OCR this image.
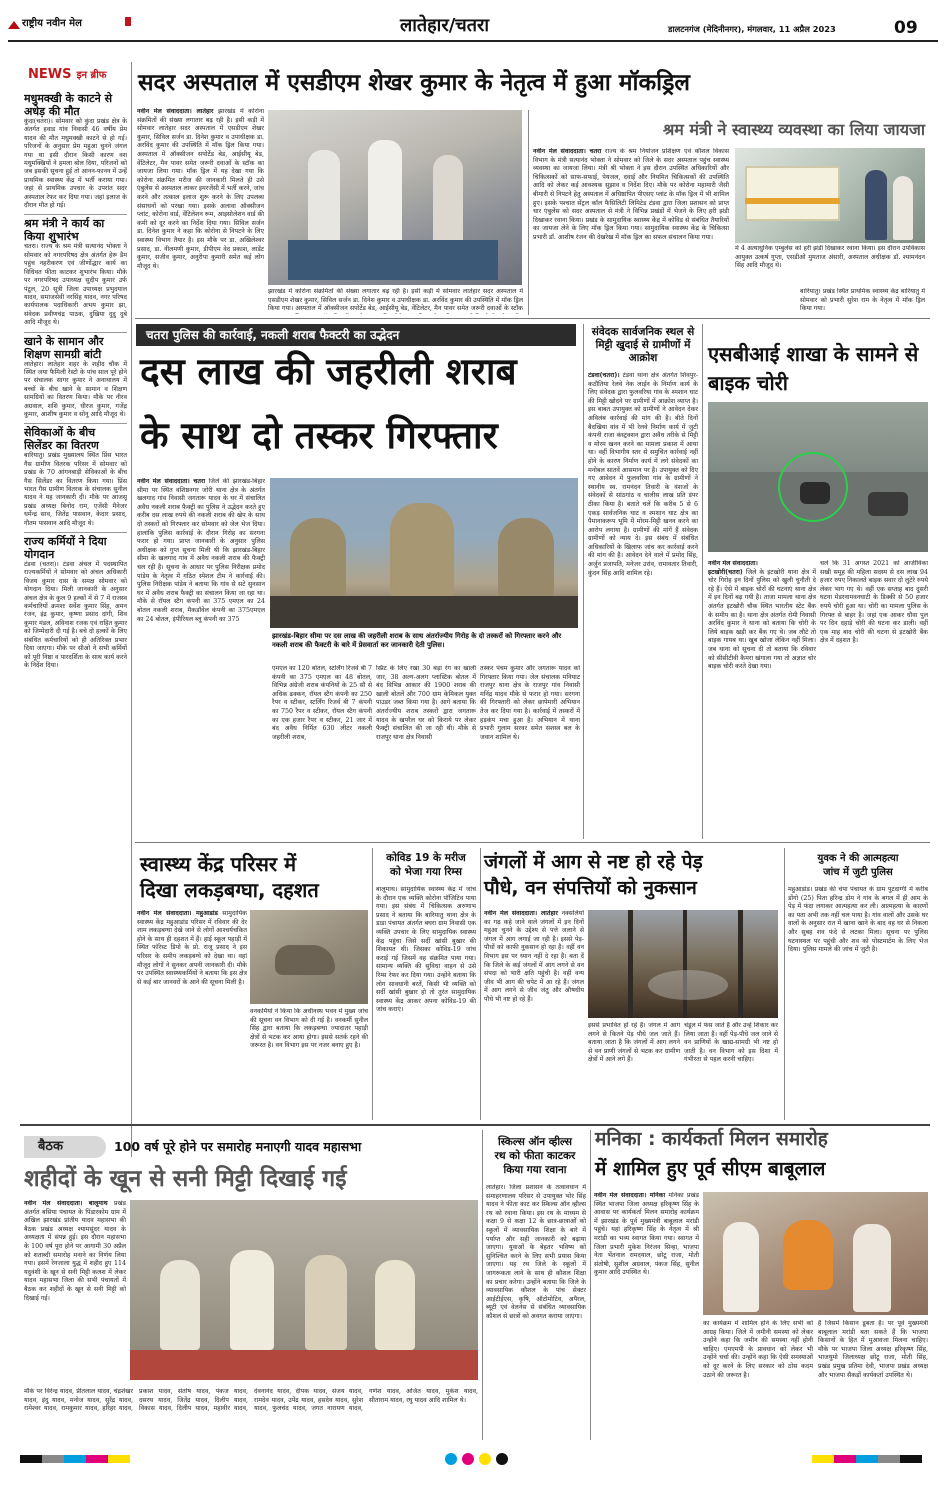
राष्ट्रीय नवीन मेल	लातेहार/चतरा	डालटनगंज (मेदिनीनगर), मंगलवार, 11 अप्रैल 2023	09
NEWS इन ब्रीफ
मधुमक्खी के काटने से अधेड़ की मौत
कुंदा(चतरा)। सोमवार को कुंदा प्रखंड क्षेत्र के अंतर्गत हवाड गांव निवासी 46 वर्षीय प्रेम यादव की मौत मधुमक्खी काटने से हो गई। परिजनों के अनुसार प्रेम महुआ चुनने जंगल गया था इसी दौरान किसी कारण वश मधुमक्खियों ने हमला बोल दिया, परिजनों को जब इसकी सूचना हुई तो आनन-फानन में उन्हें प्राथमिक स्वास्थ्य केंद्र में भर्ती कराया गया। जहां से प्राथमिक उपचार के उपरांत सदर अस्पताल रेफर कर दिया गया। जहां इलाज के दौरान मौत हो गई।
श्रम मंत्री ने कार्य का किया शुभारंभ
चतरा। राज्य के श्रम मंत्री सत्यानंद भोक्ता ने सोमवार को नगरपरिषद क्षेत्र अंतर्गत हेरू डैम पहुंच नहरीकरण एवं जीर्णोद्धार कार्य का विधिवत फीता काटकर शुभारंभ किया। मौके पर नगरपरिषद उपाध्यक्ष सुदीप कुमार उर्फ पंटूल, 20 सूत्री जिला उपाध्यक्ष प्रभुदयाल यादव, समाजसेवी नरसिंह यादव, नगर परिषद कार्यपालक पदाधिकारी अभय कुमार झा, संवेदक प्रवीणचंद्र पाठक, दुखिया दुदु दुबे आदि मौजूद थे।
खाने के सामान और शिक्षण सामग्री बांटी
लातेहार। लातेहार शहर के शहीद चौक में स्थित जया फैमिली रेस्टो के पांच साल पूरे होने पर संचालक सागर कुमार ने अनाथालय में बच्चों के बीच खाने के सामान व शिक्षण सामग्रियों का वितरण किया। मौके पर नीरव अग्रवाल, शशि कुमार, धीरज कुमार, गजेंद्र कुमार, आशीष कुमार व सोनू आदि मौजूद थे।
सेविकाओं के बीच सिलेंडर का वितरण
बारियातु। प्रखंड मुख्यालय स्थित प्रिंस भारत गैस ग्रामीण वितरक परिसर में सोमवार को प्रखंड के 70 आंगनबाड़ी सेविकाओं के बीच गैस सिलेंडर का वितरण किया गया। प्रिंस भारत गैस ग्रामीण वितरक के संचालक सुनील यादव ने यह जानकारी दी। मौके पर आजसू प्रखंड अध्यक्ष बिनोद राम, एजेंसी मैनेजर धर्मेन्द्र साव, जितेंद्र पासवान, केदार प्रसाद, गौतम पासवान आदि मौजूद थे।
राज्य कर्मियों ने दिया योगदान
टंडवा (चतरा)। टंडवा अंचल में पदस्थापित राज्यकर्मियों ने सोमवार को अंचल अधिकारी विजय कुमार दास के समक्ष सोमवार को योगदान दिया। मिली जानकारी के अनुसार अंचल क्षेत्र के कुल 9 हल्कों में से 7 में राजस्व कर्मचारियों क्रमशः सर्वेश कुमार सिंह, अमन रंजन, इंद्र कुमार, कृष्णा प्रसाद दांगी, शिव कुमार मंडल, अविनाश रजक एवं राहित कुमार को जिम्मेदारी दी गई है। बचे दो हल्कों के लिए संबंधित कर्मचारियों को ही अतिरिक्त प्रभार दिया जाएगा। मौके पर सीओ ने सभी कर्मियों को पूरी निष्ठा व पारदर्शिता के साथ कार्य करने के निर्देश दिया।
सदर अस्पताल में एसडीएम शेखर कुमार के नेतृत्व में हुआ मॉकड्रिल
नवीन मेल संवाददाता। लातेहार झारखंड में कोरोना संक्रमितों की संख्या लगातार बढ़ रही है। इसी कड़ी में सोमवार लातेहार सदर अस्पताल में एसडीएम शेखर कुमार, सिविल सर्जन डा. दिनेश कुमार व उपाधीक्षक डा. अरविंद कुमार की उपस्थिति में मॉक ड्रिल किया गया। अस्पताल में ऑक्सीजन सपोर्टेड बेड, आईसीयू बेड, वेंटिलेटर, मैन पावर समेत जरूरी दवाओं के स्टॉक का जायजा लिया गया। मॉक ड्रिल में यह देखा गया कि कोरोना संक्रमित मरीज की जानकारी मिलते ही उसे एंबुलेंस से अस्पताल लाकर इमरजेंसी में भर्ती करने, जांच करने और तत्काल इलाज शुरू करने के लिए उपलब्ध संसाधनों को परखा गया। इसके अलावा ऑक्सीजन प्लांट, कोरोना वार्ड, वेंटिलेशन रूम, आइसोलेशन वार्ड की कमी को दूर करने का निर्देश दिया गया। सिविल सर्जन डा. दिनेश कुमार ने कहा कि कोरोना से निपटने के लिए स्वास्थ्य विभाग तैयार है। इस मौके पर डा. अखिलेश्वर प्रसाद, डा. नीलमणी कुमार, डीपीएम वेद प्रकाश, लाडेंट कुमार, सजीव कुमार, अनुरीपा कुमारी समेत कई लोग मौजूद थे।
झारखंड में कोरोना संक्रमितों की संख्या लगातार बढ़ रही है। इसी कड़ी में सोमवार लातेहार सदर अस्पताल में एसडीएम शेखर कुमार, सिविल सर्जन डा. दिनेश कुमार व उपाधीक्षक डा. अरविंद कुमार की उपस्थिति में मॉक ड्रिल किया गया। अस्पताल में ऑक्सीजन सपोर्टेड बेड, आईसीयू बेड, वेंटिलेटर, मैन पावर समेत जरूरी दवाओं के स्टॉक
श्रम मंत्री ने स्वास्थ्य व्यवस्था का लिया जायजा
नवीन मेल संवाददाता। चतरा राज्य के श्रम नियोजन प्रशिक्षण एवं कौशल विकास विभाग के मंत्री सत्यानंद भोक्ता ने सोमवार को जिले के सदर अस्पताल पहुंच स्वास्थ्य व्यवस्था का जायजा लिया। मंत्री श्री भोक्ता ने इस दौरान उपस्थित अधिकारियों और चिकित्सकों को साफ-सफाई, पेयजल, दवाई और नियमित चिकित्सकों की उपस्थिति आदि को लेकर कई आवश्यक सुझाव व निर्देश दिए। मौके पर कोरोना महामारी जैसी बीमारी से निपटने हेतु अस्पताल में अधिष्ठापित पीएसए प्लांट के मॉक ड्रिल में भी शामिल हुए। इसके पश्चात सेंट्रल कॉल फैसिलिटी लिमिटेड टंडवा द्वारा जिला प्रशासन को प्राप्त चार एंबुलेंस को सदर अस्पताल से मंत्री ने विभिन्न प्रखंडों में भेजने के लिए हरी झंडी दिखाकर रवाना किया। प्रखंड के सामुदायिक स्वास्थ्य केंद्र में कोविड से संबंधित तैयारियों का जायजा लेने के लिए मॉक ड्रिल किया गया। सामुदायिक स्वास्थ्य केंद्र के चिकित्सा प्रभारी डॉ. आशीष रंजन की देखरेख में मॉक ड्रिल का सफल संचालन किया गया।
में 4 अत्याधुनिक एम्बुलेंस को हरी झंडी दिखाकर रवाना किया। इस दौरान उपविकास आयुक्त उत्कर्ष गुप्ता, एसडीओ मुमताज अंसारी, अस्पताल अधीक्षक डॉ. श्यामनंदन सिंह आदि मौजूद थे।
बारियातु। प्रखंड स्थित प्राथमिक स्वास्थ्य केंद्र बारियातु में सोमवार को प्रभारी सुरेश राम के नेतृत्व में मॉक ड्रिल किया गया।
चतरा पुलिस की कार्रवाई, नकली शराब फैक्टरी का उद्भेदन
दस लाख की जहरीली शराब
के साथ दो तस्कर गिरफ्तार
नवीन मेल संवाददाता। चतरा जिले की झारखंड-बिहार सीमा पर स्थित वशिष्ठनगर जोरी थाना क्षेत्र के अंतर्गत खलगाद गांव निवासी जगतारू यादव के घर में संचालित अवैध नकली शराब फैक्ट्री का पुलिस ने उद्भेदन करते हुए करीब दस लाख रुपये की नकली शराब की खेप के साथ दो तस्करों को गिरफ्तार कर सोमवार को जेल भेज दिया। हालांकि पुलिस कार्रवाई के दौरान गिरोह का सरगना फरार हो गया। प्राप्त जानकारी के अनुसार पुलिस अधीक्षक को गुप्त सूचना मिली थी कि झारखंड-बिहार सीमा के खलगाद गांव में अवैध नकली शराब की फैक्ट्री चल रही है। सूचना के आधार पर पुलिस निरीक्षक प्रमोद पांडेय के नेतृत्व में गठित स्पेशल टीम ने कार्रवाई की। पुलिस निरीक्षक पांडेय ने बताया कि गांव से सटे सुनसान घर में अवैध शराब फैक्ट्री का संचालन किया जा रहा था। मौके से रॉयल स्टैग कंपनी का 375 एमएल का 24 बोतल नकली शराब, मैकडॉवेल कंपनी का 375एमएल का 24 बोतल, इंपीरियल ब्लू कंपनी का 375
झारखंड-बिहार सीमा पर दस लाख की जहरीली शराब के साथ अंतर्राज्यीय गिरोह के दो तस्करों को गिरफ्तार करने और नकली शराब की फैक्टरी के बारे में प्रेसवार्ता कर जानकारी देती पुलिस।
एमएल का 120 बोतल, स्टर्लिंग रिजर्व बी 7 कंपनी का 375 एमएल का 48 बोतल, विभिन्न अंग्रेजी शराब कंपनियों के 25 सौ से अधिक ढक्कन, रॉयल स्टैग कंपनी का 250 रैपर व स्टीकर, स्टर्लिंग रिजर्व बी 7 कंपनी का 750 रैपर व स्टीकर, रॉयल स्टैग कंपनी का एक हजार रैपर व स्टीकर, 21 जार में बंद अवैध निर्मित 630 लीटर नकली जहरीली शराब,
स्प्रिट के लिए रखा 30 बड़ा रंग का खाली जार, 38 अल्ग-अलग प्लास्टिक बोतल में बंद विभिन्न आकार की 1900 शराब की खाली बोतलें और 700 ग्राम केमिकल युक्त पाउडर जब्त किया गया है। आगे बताया कि अंतर्राज्यीय शराब तस्करों द्वारा जगतारू यादव के खपरैल घर को किराये पर लेकर फैक्ट्री संचालित की जा रही थी। मौके से राजपुर थाना क्षेत्र निवासी
तस्कर पंचम कुमार और जगतारू यादव को गिरफ्तार किया गया। जेल संचालक मनियाट राजपुर थाना क्षेत्र के राजपुर गांव निवासी मनिंद्र यादव मौके से फरार हो गया। सरगना की गिरफ्तारी को लेकर छापेमारी अभियान तेज कर दिया गया है। कार्रवाई में तस्करों में हड़कंप मचा हुआ है। अभियान में थाना प्रभारी गुलाम सरवर समेत सशस्त्र बल के जवान शामिल थे।
संवेदक सार्वजनिक स्थल से मिट्टी खुदाई से ग्रामीणों में आक्रोश
टंडवा(चतरा)। टंडवा थाना क्षेत्र अंतर्गत शिवपुर-कठौतिया रेलवे नेक लाईन के निर्माण कार्य के लिए संवेदक द्वारा फुलवरिया गांव के श्मशान घाट की मिट्टी खोदने पर ग्रामीणों में आक्रोश व्याप्त है। इस बाबत उपायुक्त को ग्रामीणों ने आवेदन देकर अविलंब कार्रवाई की मांग की है। बीते दिनों बैदखिया वांव में भी रेलवे निर्माण कार्य में जुटी कंपनी राजा कंस्ट्रक्शन द्वारा अवैध तरीके से मिट्टी व मोरम खनन करने का मामला प्रकाश में आया था। वहीं विभागीय स्तर से समुचित कार्रवाई नहीं होने के कारण निर्माण कार्य में लगे संवेदकों का मनोबल सातवें आसमान पर है। उपायुक्त को दिए गए आवेदन में फुलवरिया गांव के ग्रामीणों ने स्थानीय स्व. रामनंदन तिवारी के वंशजों के संवेदकों से सांठगांठ व चालीस लाख प्रति डंपर ठीका किया है। बताते चलें कि करीब 5 से 6 एकड़ सार्वजनिक घाट व श्मशान घाट क्षेत्र का पैमानाकरूप भूमि में मोरम-मिट्टी खनन करने का आरोप लगाया है। ग्रामीणों की मांगें हैं संवेदक ग्रामीणों को न्याय दे। इस संबंध में संबंधित अधिकारियों के खिलाफ जांच कर कार्रवाई करने की मांग की है। आवेदन देने वाले में प्रमोद सिंह, अर्जुन प्रजापति, मनेजर उरांव, रामावतार तिवारी, कुंदन सिंह आदि शामिल रहे।
एसबीआई शाखा के सामने से बाइक चोरी
नवीन मेल संवाददाता।
इटखोरी(चतरा) जिले के इटखोरी थाना क्षेत्र में चोर गिरोह इन दिनों पुलिस को खुली चुनौती दे रहे हैं। ऐसे में बाइक चोरों की घटनाएं थाना क्षेत्र में इन दिनों बढ़ गयी है। ताजा मामला थाना क्षेत्र अंतर्गत इटखोरी चौक स्थित भारतीय स्टेट बैंक के समीप का है। थाना क्षेत्र अंतर्गत रोमी निवासी अरविंद कुमार ने थाना को बताया कि चोरी के लिये बाइक खड़ी कर बैंक गए थे। जब लौटे तो बाइक गायब था। खुब खोजा लेकिन नहीं मिला। जब थाना को सूचना दी तो बताया कि रविवार को सीसीटीवी कैमरा खंगाला गया तो अज्ञात चोर बाइक चोरी करते देखा गया।
चलें कि 31 अगस्त 2021 को आजीविका सखी समूह की महिला सदस्य से दस लाख 94 हजार रुपए निकालते बाइक सवार दो लुटेरे रुपये लेकर भाग गए थे। वहीं एक सप्ताह बाद दुसरी घटना मेडरनामवनघाटी के डिक्की से 50 हजार रुपये चोरी हुआ था। चोरी का मामला पुलिस के गिरफ्त से बाहर है। जहां एक आकर धौवा पुल पर दिन दहाड़े चोरी की घटना कर डाली। वहीं एक माह बाद चोरी की घटना से इटखोरी बैंक क्षेत्र में दहशत है।
स्वास्थ्य केंद्र परिसर में
दिखा लकड़बग्घा, दहशत
नवीन मेल संवाददाता। महुआडांड सामुदायिक स्वास्थ्य केंद्र महुआडांड परिसर में रविवार की देर शाम लकड़बग्घा देखे जाने से लोगों आश्चर्यचकित होने के साथ ही दहशत में हैं। हाई स्कूल पहाड़ी में स्थित फॉरेस्ट डिपो के प्रो. राजू प्रसाद ने इस परिसर के समीप लकड़बग्घे को देखा था। वहां मौजूद लोगों ने सुनकर अपनी जानकारी दी। मौके पर उपस्थित स्वास्थ्यकर्मियों ने बताया कि इस क्षेत्र से कई बार जानवरों के आने की सूचना मिली है।
वनकर्मियों ने किया कि अधीनस्थ भवन में मुख्य जांच की सूचना वन विभाग को दी गई है। वनकर्मी सुनील सिंह द्वारा बताया कि लकड़बग्घा ज्यादातर पहाड़ी क्षेत्रों से भटक कर आया होगा। इससे सतर्क रहने की जरूरत है। वन विभाग इस पर नजर बनाए हुए है।
कोविड 19 के मरीज
को भेजा गया रिम्स
बालूमाथ। सामुदायिक स्वास्थ्य केंद्र में जांच के दौरान एक व्यक्ति कोरोना पॉजिटिव पाया गया। इस संबंध में चिकित्सक अरुणाभ प्रसाद ने बताया कि बारियातु थाना क्षेत्र के डाडा पंचायत अंतर्गत बघरा ग्राम निवासी एक व्यक्ति उपचार के लिए सामुदायिक स्वास्थ्य केंद्र पहुंचा जिसे सर्दी खांसी बुखार की शिकायत थी। जिसका कोविड-19 जांच कराई गई जिसमें वह संक्रमित पाया गया। सामान्य व्यक्ति की सुविधा वाहन से उसे रिम्स रेफर कर दिया गया। उन्होंने बताया कि लोग सावधानी बरतें, किसी भी व्यक्ति को सर्दी खांसी बुखार हो तो तुरंत सामुदायिक स्वास्थ्य केंद्र आकर अपना कोविड-19 की जांच कराएं।
जंगलों में आग से नष्ट हो रहे पेड़
पौधे, वन संपत्तियों को नुकसान
नवीन मेल संवाददाता। लातेहार नक्सलियों का गढ़ कहे जाने वाले जंगलों में इन दिनों महुआ चुनने के उद्देश्य से पत्ते जलाने से जंगल में आग लगाई जा रही है। इससे पेड़-पौधों को काफी नुकसान हो रहा है। वहीं वन विभाग इस पर ध्यान नहीं दे रहा है। बता दें कि जिले के कई जंगलों में आग लगने से वन संपदा को भारी क्षति पहुंची है। वहीं वन्य जीव भी आग की चपेट में आ रहे हैं। जंगल में आग लगने से जीव जंतु और औषधीय पौधे भी नष्ट हो रहे हैं।
इससे प्रभावित हो रहे हैं। जंगल में आग लगने से कितने पेड़ पौधे जल जाते हैं। बताया जाता है कि जंगलों में आग लगने से वन प्राणी जंगलों से भटक कर ग्रामीण क्षेत्रों में आने लगे हैं।
चंडूल में फंस जाते हैं और उन्हें शिकार कर लिया जाता है। वहीं पेड़-पौधे जल जाने से वन प्राणियों के खाद्य-सामग्री भी नष्ट हो जाती है। वन विभाग को इस दिशा में गंभीरता से पहल करनी चाहिए।
युवक ने की आत्महत्या
जांच में जुटी पुलिस
महुआडांड। प्रखंड की चंपा पंचायत के ग्राम पुटदाग्गी में करीब डोंगो (25) पिता हरिन्द्र डोम ने गांव के बगल में ही आम के पेड़ में फंदा लगाकर आत्महत्या कर ली। आत्महत्या के कारणों का पता अभी तक नहीं चल पाया है। गांव वालों और उसके घर वालों के अनुसार रात में खाना खाने के बाद वह घर से निकला और सुबह शव फंदे से लटका मिला। सूचना पर पुलिस घटनास्थल पर पहुंची और शव को पोस्टमार्टम के लिए भेज दिया। पुलिस मामले की जांच में जुटी है।
बैठक	100 वर्ष पूरे होने पर समारोह मनाएगी यादव महासभा
शहीदों के खून से सनी मिट्टी दिखाई गई
नवीन मेल संवाददाता। बालूमाथ प्रखंड अंतर्गत बसिया पंचायत के पिंडारकोम ग्राम में अखिल झारखंड प्रांतीय यादव महासभा की बैठक प्रखंड अध्यक्ष श्यामसुंदर यादव के अध्यक्षता में संपन्न हुई। इस दौरान महासभा के 100 वर्ष पूरा होने पर आगामी 30 अप्रैल को शताब्दी समारोह मनाने का निर्णय लिया गया। इसमें रेनजाला युद्ध में शहीद हुए 114 यदुवंशी के खून से सनी मिट्टी कलश में लेकर यादव महासभा जिला की सभी पंचायतों में बैठक कर शहीदों के खून से सनी मिट्टी को दिखाई गई।
मौके पर विरेन्द्र यादव, प्रीतलाल यादव, चंद्रशेखर यादव, इंदु यादव, मनोज यादव, सुरेंद्र यादव, रामेश्वर यादव, रामकुमार यादव, हरिहर यादव, प्रकाश यादव, संतोष यादव, पंकज यादव, दसरथ यादव, जितेंद्र यादव, दिलीप यादव, विकास यादव, दिलीप यादव, महावीर यादव, देवनानंद यादव, दीपक यादव, संजय यादव, रामदेव यादव, उपेंद्र यादव, हसदेव यादव, सुरेश यादव, फुलचंद यादव, जगत नारायण यादव, गणेश यादव, अजित यादव, मुकेश यादव, सीताराम यादव, रघु यादव आदि शामिल थे।
स्किल्स ऑन व्हील्स
रथ को फीता काटकर
किया गया रवाना
लातेहार। जिला प्रशासन के तत्वावधान में समाहरणालय परिसर से उपायुक्त भोर सिंह यादव ने फीता काट कर स्किल्स ऑन व्हील्स रथ को रवाना किया। इस रथ के माध्यम से कक्षा 9 से कक्षा 12 के छात्र-छात्राओं को स्कूलों में व्यावसायिक शिक्षा के बारे में पर्याप्त और सही जानकारी को बढ़ाया जाएगा। युवाओं के बेहतर भविष्य को सुनिश्चित करने के लिए सभी प्रयास किया जाएगा। यह रथ जिले के स्कूलों में जागरूकता लाने के साथ ही कौशल शिक्षा का प्रचार करेगा। उन्होंने बताया कि जिले के व्यावसायिक कौशल के पांच सेक्टर आईटीईएस, कृषि, ऑटोमोटिव, अपैरल, ब्यूटी एवं वेलनेस से संबंधित व्यावसायिक कौशल से छात्रों को अवगत कराया जाएगा।
मनिका : कार्यकर्ता मिलन समारोह
में शामिल हुए पूर्व सीएम बाबूलाल
नवीन मेल संवाददाता। मनिका मनिका प्रखंड स्थित भाजपा जिला अध्यक्ष हरिकृष्ण सिंह के आवास पर कार्यकर्ता मिलन समारोह कार्यक्रम में झारखंड के पूर्व मुख्यमंत्री बाबूलाल मरांडी पहुंचे। यहां हरिकृष्ण सिंह के नेतृत्व में श्री मरांडी का भव्य स्वागत किया गया। स्वागत में जिला प्रभारी मुकेश निरंजन सिन्हा, भाजपा नेता भेंतनाल रामदयाल, छोटू राजा, मोती संतोषी, सुशील अग्रवाल, पंकज सिंह, सुनील कुमार आदि उपस्थित थे।
का कार्यक्रम में शामिल होने के लिए सभी को आग्रह किया। जिले में जमीनी समस्या को लेकर उन्होंने कहा कि जमीन की समस्या नहीं होनी चाहिए। एमएमपी के प्रावधान को लेकर भी उन्होंने चर्चा की। उन्होंने कहा कि ऐसी समस्याओं को दूर करने के लिए सरकार को ठोस कदम उठाने की जरूरत है।
है जिसमें किसान डूबता है। पर पूर्व मुख्यमंत्री बाबूलाल मरांडी बता सकते हैं कि भाजपा किसानों के हित में मुआवजा मिलना चाहिए। मौके पर भाजपा जिला अध्यक्ष हरिकृष्ण सिंह, भाजयुमो जिलाध्यक्ष छोटू राजा, मोती सिंह, प्रखंड प्रमुख प्रतिमा देवी, भाजपा प्रखंड अध्यक्ष और भाजपा सैकड़ों कार्यकर्ता उपस्थित थे।
